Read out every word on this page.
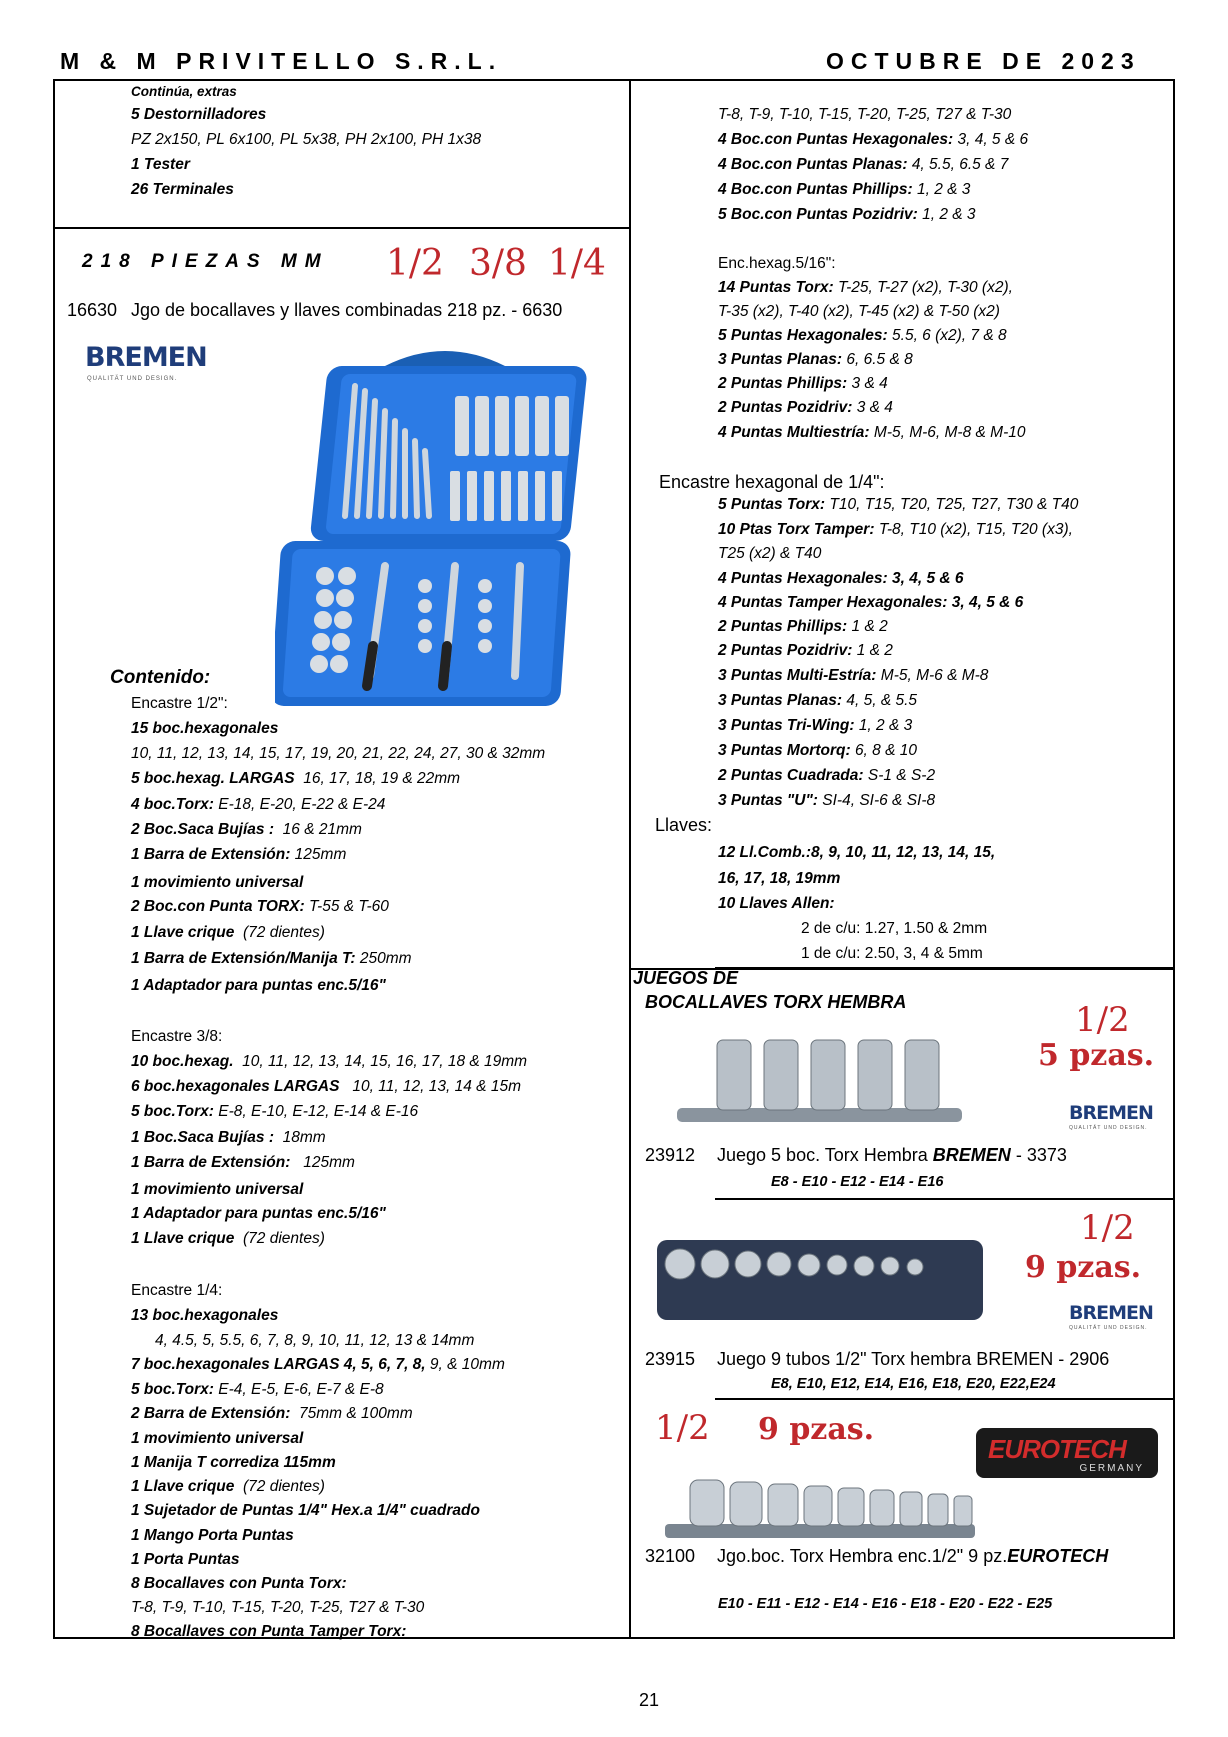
M & M PRIVITELLO S.R.L.	OCTUBRE DE 2023
Continúa, extras
5 Destornilladores
PZ 2x150, PL 6x100, PL 5x38, PH 2x100, PH 1x38
1 Tester
26 Terminales
218 PIEZAS MM 1/2 3/8 1/4
16630 Jgo de bocallaves y llaves combinadas 218 pz. - 6630
BREMEN
QUALITÄT UND DESIGN.
Contenido:
Encastre 1/2":
15 boc.hexagonales
10, 11, 12, 13, 14, 15, 17, 19, 20, 21, 22, 24, 27, 30 & 32mm
5 boc.hexag. LARGAS 16, 17, 18, 19 & 22mm
4 boc.Torx: E-18, E-20, E-22 & E-24
2 Boc.Saca Bujías : 16 & 21mm
1 Barra de Extensión: 125mm
1 movimiento universal
2 Boc.con Punta TORX: T-55 & T-60
1 Llave crique (72 dientes)
1 Barra de Extensión/Manija T: 250mm
1 Adaptador para puntas enc.5/16"
Encastre 3/8:
10 boc.hexag. 10, 11, 12, 13, 14, 15, 16, 17, 18 & 19mm
6 boc.hexagonales LARGAS 10, 11, 12, 13, 14 & 15m
5 boc.Torx: E-8, E-10, E-12, E-14 & E-16
1 Boc.Saca Bujías : 18mm
1 Barra de Extensión: 125mm
1 movimiento universal
1 Adaptador para puntas enc.5/16"
1 Llave crique (72 dientes)
Encastre 1/4:
13 boc.hexagonales
4, 4.5, 5, 5.5, 6, 7, 8, 9, 10, 11, 12, 13 & 14mm
7 boc.hexagonales LARGAS 4, 5, 6, 7, 8, 9, & 10mm
5 boc.Torx: E-4, E-5, E-6, E-7 & E-8
2 Barra de Extensión: 75mm & 100mm
1 movimiento universal
1 Manija T corrediza 115mm
1 Llave crique (72 dientes)
1 Sujetador de Puntas 1/4" Hex.a 1/4" cuadrado
1 Mango Porta Puntas
1 Porta Puntas
8 Bocallaves con Punta Torx:
T-8, T-9, T-10, T-15, T-20, T-25, T27 & T-30
8 Bocallaves con Punta Tamper Torx:
T-8, T-9, T-10, T-15, T-20, T-25, T27 & T-30
4 Boc.con Puntas Hexagonales: 3, 4, 5 & 6
4 Boc.con Puntas Planas: 4, 5.5, 6.5 & 7
4 Boc.con Puntas Phillips: 1, 2 & 3
5 Boc.con Puntas Pozidriv: 1, 2 & 3
Enc.hexag.5/16":
14 Puntas Torx: T-25, T-27 (x2), T-30 (x2),
T-35 (x2), T-40 (x2), T-45 (x2) & T-50 (x2)
5 Puntas Hexagonales: 5.5, 6 (x2), 7 & 8
3 Puntas Planas: 6, 6.5 & 8
2 Puntas Phillips: 3 & 4
2 Puntas Pozidriv: 3 & 4
4 Puntas Multiestría: M-5, M-6, M-8 & M-10
Encastre hexagonal de 1/4":
5 Puntas Torx: T10, T15, T20, T25, T27, T30 & T40
10 Ptas Torx Tamper: T-8, T10 (x2), T15, T20 (x3),
T25 (x2) & T40
4 Puntas Hexagonales: 3, 4, 5 & 6
4 Puntas Tamper Hexagonales: 3, 4, 5 & 6
2 Puntas Phillips: 1 & 2
2 Puntas Pozidriv: 1 & 2
3 Puntas Multi-Estría: M-5, M-6 & M-8
3 Puntas Planas: 4, 5, & 5.5
3 Puntas Tri-Wing: 1, 2 & 3
3 Puntas Mortorq: 6, 8 & 10
2 Puntas Cuadrada: S-1 & S-2
3 Puntas "U": SI-4, SI-6 & SI-8
Llaves:
12 Ll.Comb.:8, 9, 10, 11, 12, 13, 14, 15,
16, 17, 18, 19mm
10 Llaves Allen:
2 de c/u: 1.27, 1.50 & 2mm
1 de c/u: 2.50, 3, 4 & 5mm
JUEGOS DE
BOCALLAVES TORX HEMBRA	1/2
5 pzas.
BREMEN
QUALITÄT UND DESIGN.
23912 Juego 5 boc. Torx Hembra BREMEN - 3373
E8 - E10 - E12 - E14 - E16
1/2
9 pzas.
BREMEN
QUALITÄT UND DESIGN.
23915 Juego 9 tubos 1/2" Torx hembra BREMEN - 2906
E8, E10, E12, E14, E16, E18, E20, E22,E24
1/2 9 pzas.
EUROTECH
GERMANY
32100 Jgo.boc. Torx Hembra enc.1/2" 9 pz.EUROTECH
E10 - E11 - E12 - E14 - E16 - E18 - E20 - E22 - E25
21
